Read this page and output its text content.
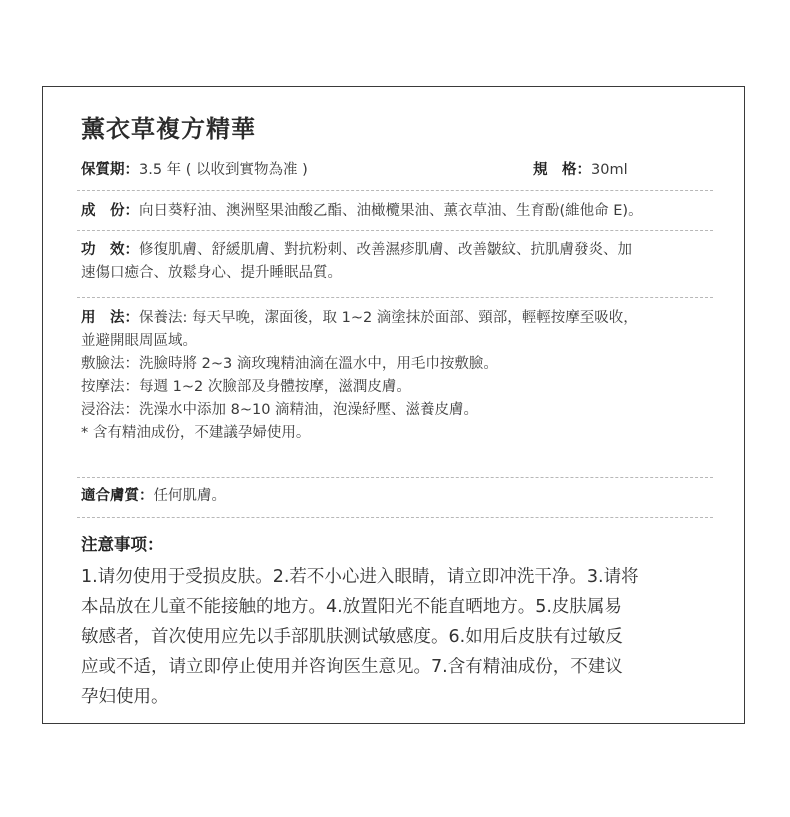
薰衣草複方精華
保質期：3.5 年 ( 以收到實物為准 )	規　格：30ml
成　份：向日葵籽油、澳洲堅果油酸乙酯、油橄欖果油、薰衣草油、生育酚(維他命 E)。
功　效：修復肌膚、舒緩肌膚、對抗粉刺、改善濕疹肌膚、改善皺紋、抗肌膚發炎、加
速傷口癒合、放鬆身心、提升睡眠品質。
用　法：保養法: 每天早晚，潔面後，取 1~2 滴塗抹於面部、頸部，輕輕按摩至吸收，
並避開眼周區域。
敷臉法：洗臉時將 2~3 滴玫瑰精油滴在溫水中，用毛巾按敷臉。
按摩法：每週 1~2 次臉部及身體按摩，滋潤皮膚。
浸浴法：洗澡水中添加 8~10 滴精油，泡澡紓壓、滋養皮膚。
* 含有精油成份，不建議孕婦使用。
適合膚質：任何肌膚。
注意事项：
1.请勿使用于受损皮肤。2.若不小心进入眼睛，请立即冲洗干净。3.请将
本品放在儿童不能接触的地方。4.放置阳光不能直晒地方。5.皮肤属易
敏感者，首次使用应先以手部肌肤测试敏感度。6.如用后皮肤有过敏反
应或不适，请立即停止使用并咨询医生意见。7.含有精油成份，不建议
孕妇使用。
